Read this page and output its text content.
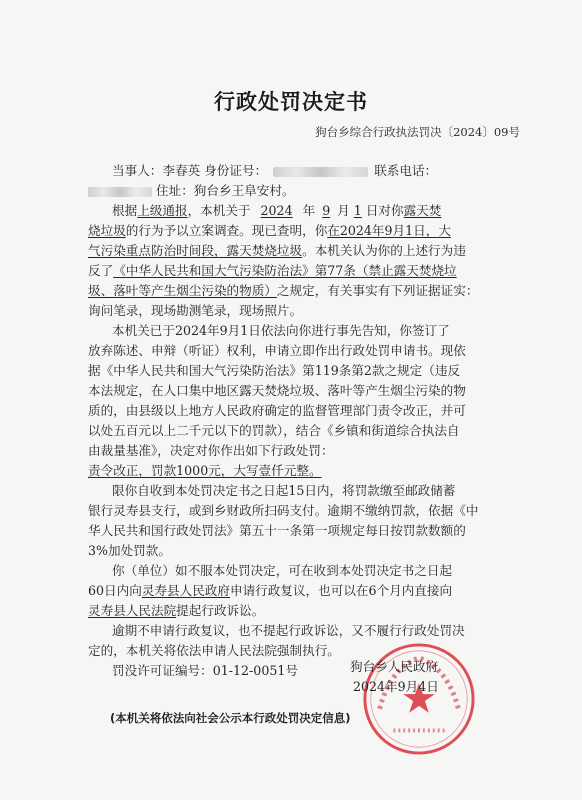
行政处罚决定书
狗台乡综合行政执法罚决〔2024〕09号
当事人：李春英 身份证号：	联系电话：
住址：狗台乡王阜安村。
根据上级通报，本机关于 2024 年 9 月 1 日对你露天焚
烧垃圾的行为予以立案调查。现已查明，你在2024年9月1日，大
气污染重点防治时间段，露天焚烧垃圾。本机关认为你的上述行为违
反了《中华人民共和国大气污染防治法》第77条（禁止露天焚烧垃
圾、落叶等产生烟尘污染的物质）之规定，有关事实有下列证据证实：
询问笔录，现场勘测笔录，现场照片。
本机关已于2024年9月1日依法向你进行事先告知，你签订了
放弃陈述、申辩（听证）权利，申请立即作出行政处罚申请书。现依
据《中华人民共和国大气污染防治法》第119条第2款之规定（违反
本法规定，在人口集中地区露天焚烧垃圾、落叶等产生烟尘污染的物
质的，由县级以上地方人民政府确定的监督管理部门责令改正，并可
以处五百元以上二千元以下的罚款），结合《乡镇和街道综合执法自
由裁量基准》，决定对你作出如下行政处罚：
责令改正，罚款1000元，大写壹仟元整。
限你自收到本处罚决定书之日起15日内，将罚款缴至邮政储蓄
银行灵寿县支行，或到乡财政所扫码支付。逾期不缴纳罚款，依据《中
华人民共和国行政处罚法》第五十一条第一项规定每日按罚款数额的
3%加处罚款。
你（单位）如不服本处罚决定，可在收到本处罚决定书之日起
60日内向灵寿县人民政府申请行政复议，也可以在6个月内直接向
灵寿县人民法院提起行政诉讼。
逾期不申请行政复议，也不提起行政诉讼，又不履行行政处罚决
定的，本机关将依法申请人民法院强制执行。
罚没许可证编号：01-12-0051号	狗台乡人民政府
2024年9月4日
(本机关将依法向社会公示本行政处罚决定信息)
